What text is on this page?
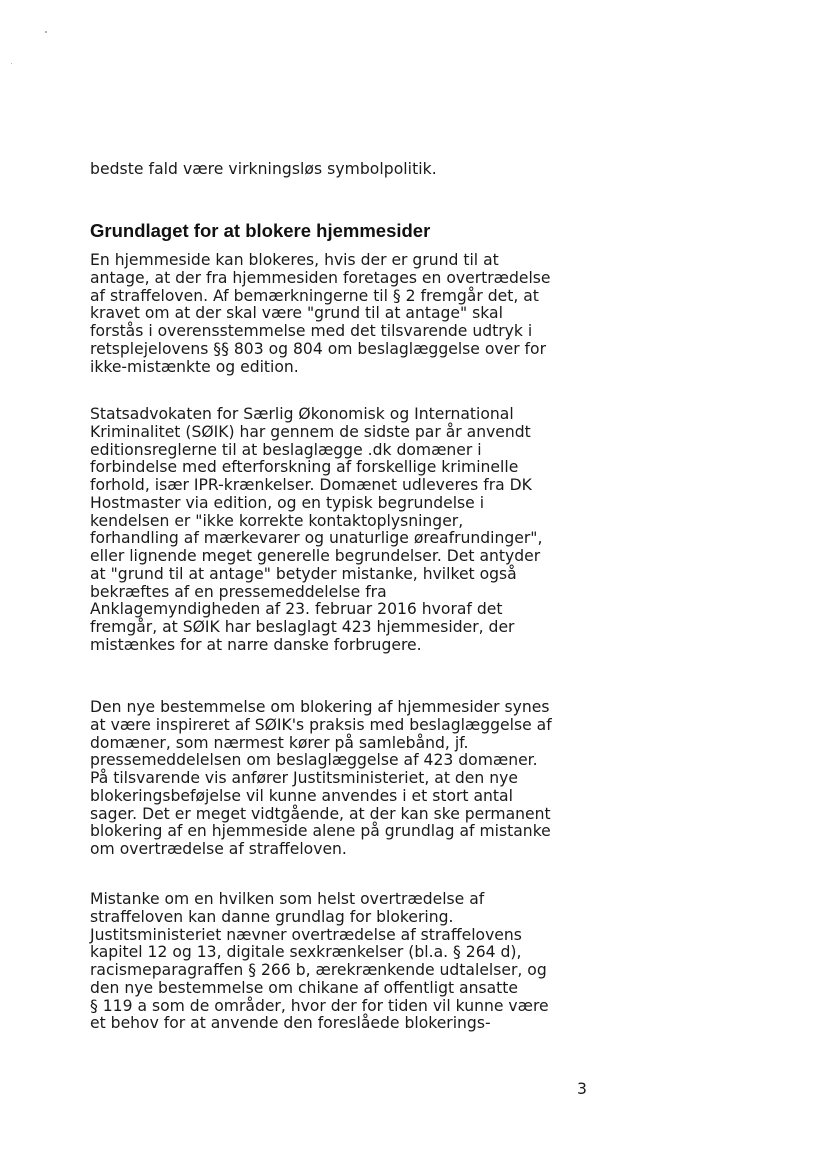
bedste fald være virkningsløs symbolpolitik.
Grundlaget for at blokere hjemmesider
En hjemmeside kan blokeres, hvis der er grund til at
antage, at der fra hjemmesiden foretages en overtrædelse
af straffeloven. Af bemærkningerne til § 2 fremgår det, at
kravet om at der skal være "grund til at antage" skal
forstås i overensstemmelse med det tilsvarende udtryk i
retsplejelovens §§ 803 og 804 om beslaglæggelse over for
ikke-mistænkte og edition.
Statsadvokaten for Særlig Økonomisk og International
Kriminalitet (SØIK) har gennem de sidste par år anvendt
editionsreglerne til at beslaglægge .dk domæner i
forbindelse med efterforskning af forskellige kriminelle
forhold, især IPR-krænkelser. Domænet udleveres fra DK
Hostmaster via edition, og en typisk begrundelse i
kendelsen er "ikke korrekte kontaktoplysninger,
forhandling af mærkevarer og unaturlige øreafrundinger",
eller lignende meget generelle begrundelser. Det antyder
at "grund til at antage" betyder mistanke, hvilket også
bekræftes af en pressemeddelelse fra
Anklagemyndigheden af 23. februar 2016 hvoraf det
fremgår, at SØIK har beslaglagt 423 hjemmesider, der
mistænkes for at narre danske forbrugere.
Den nye bestemmelse om blokering af hjemmesider synes
at være inspireret af SØIK's praksis med beslaglæggelse af
domæner, som nærmest kører på samlebånd, jf.
pressemeddelelsen om beslaglæggelse af 423 domæner.
På tilsvarende vis anfører Justitsministeriet, at den nye
blokeringsbeføjelse vil kunne anvendes i et stort antal
sager. Det er meget vidtgående, at der kan ske permanent
blokering af en hjemmeside alene på grundlag af mistanke
om overtrædelse af straffeloven.
Mistanke om en hvilken som helst overtrædelse af
straffeloven kan danne grundlag for blokering.
Justitsministeriet nævner overtrædelse af straffelovens
kapitel 12 og 13, digitale sexkrænkelser (bl.a. § 264 d),
racismeparagraffen § 266 b, ærekrænkende udtalelser, og
den nye bestemmelse om chikane af offentligt ansatte
§ 119 a som de områder, hvor der for tiden vil kunne være
et behov for at anvende den foreslåede blokerings-
3
